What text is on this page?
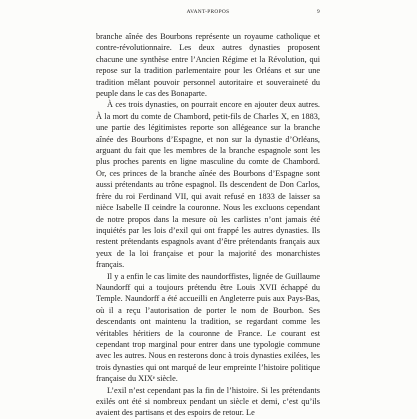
AVANT-PROPOS	9

branche aînée des Bourbons représente un royaume catholique et contre-révolutionnaire. Les deux autres dynasties proposent chacune une synthèse entre l’Ancien Régime et la Révolution, qui repose sur la tradition parlementaire pour les Orléans et sur une tradition mêlant pouvoir personnel autoritaire et souveraineté du peuple dans le cas des Bonaparte.

À ces trois dynasties, on pourrait encore en ajouter deux autres. À la mort du comte de Chambord, petit-fils de Charles X, en 1883, une partie des légitimistes reporte son allégeance sur la branche aînée des Bourbons d’Espagne, et non sur la dynastie d’Orléans, arguant du fait que les membres de la branche espagnole sont les plus proches parents en ligne masculine du comte de Chambord. Or, ces princes de la branche aînée des Bourbons d’Espagne sont aussi prétendants au trône espagnol. Ils descendent de Don Carlos, frère du roi Ferdinand VII, qui avait refusé en 1833 de laisser sa nièce Isabelle II ceindre la couronne. Nous les excluons cependant de notre propos dans la mesure où les carlistes n’ont jamais été inquiétés par les lois d’exil qui ont frappé les autres dynasties. Ils restent prétendants espagnols avant d’être prétendants français aux yeux de la loi française et pour la majorité des monarchistes français.

Il y a enfin le cas limite des naundorffistes, lignée de Guillaume Naundorff qui a toujours prétendu être Louis XVII échappé du Temple. Naundorff a été accueilli en Angleterre puis aux Pays-Bas, où il a reçu l’autorisation de porter le nom de Bourbon. Ses descendants ont maintenu la tradition, se regardant comme les véritables héritiers de la couronne de France. Le courant est cependant trop marginal pour entrer dans une typologie commune avec les autres. Nous en resterons donc à trois dynasties exilées, les trois dynasties qui ont marqué de leur empreinte l’histoire politique française du XIXᵉ siècle.

L’exil n’est cependant pas la fin de l’histoire. Si les prétendants exilés ont été si nombreux pendant un siècle et demi, c’est qu’ils avaient des partisans et des espoirs de retour. Le
